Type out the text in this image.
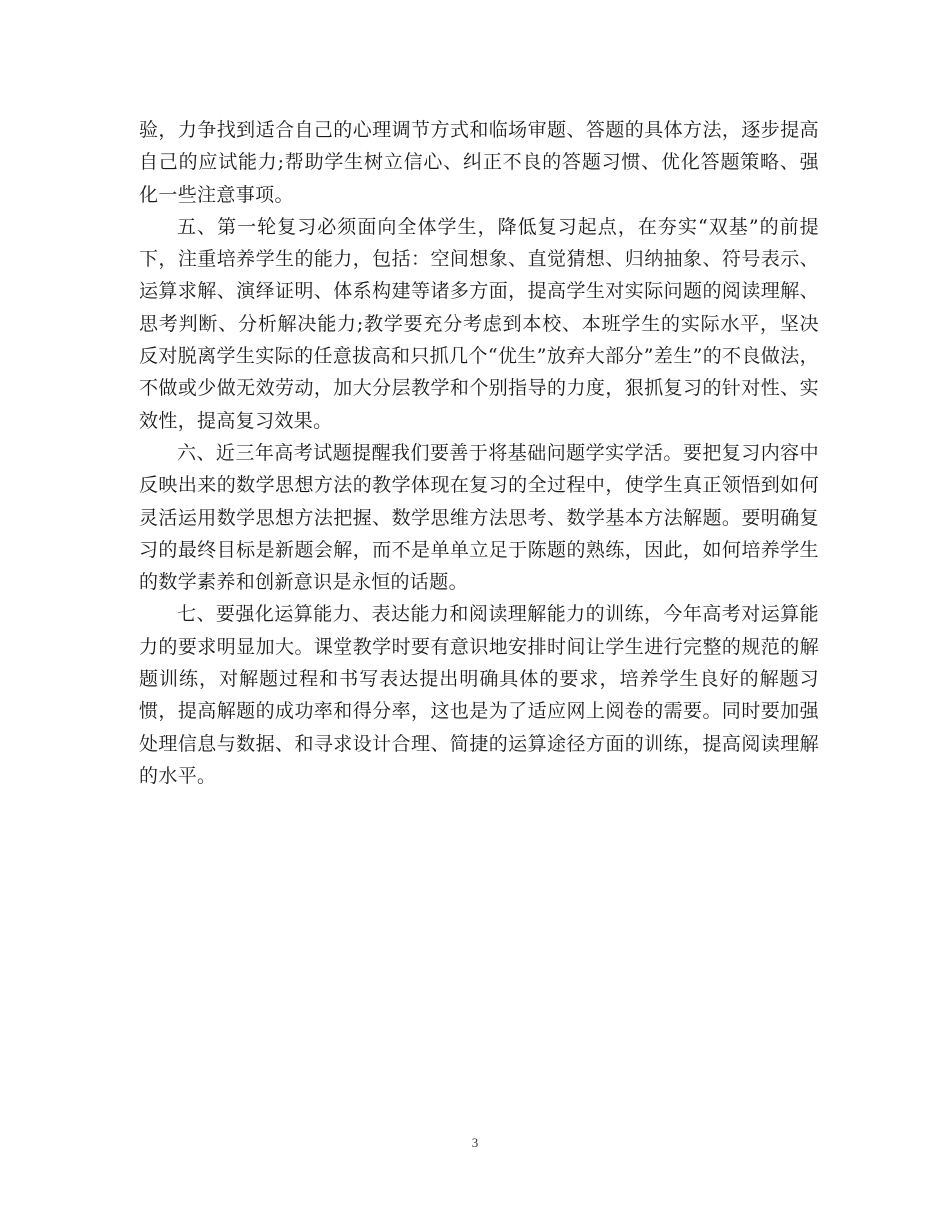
验，力争找到适合自己的心理调节方式和临场审题、答题的具体方法，逐步提高自己的应试能力;帮助学生树立信心、纠正不良的答题习惯、优化答题策略、强化一些注意事项。

五、第一轮复习必须面向全体学生，降低复习起点，在夯实“双基”的前提下，注重培养学生的能力，包括：空间想象、直觉猜想、归纳抽象、符号表示、运算求解、演绎证明、体系构建等诸多方面，提高学生对实际问题的阅读理解、思考判断、分析解决能力;教学要充分考虑到本校、本班学生的实际水平，坚决反对脱离学生实际的任意拔高和只抓几个“优生”放弃大部分”差生”的不良做法，不做或少做无效劳动，加大分层教学和个别指导的力度，狠抓复习的针对性、实效性，提高复习效果。

六、近三年高考试题提醒我们要善于将基础问题学实学活。要把复习内容中反映出来的数学思想方法的教学体现在复习的全过程中，使学生真正领悟到如何灵活运用数学思想方法把握、数学思维方法思考、数学基本方法解题。要明确复习的最终目标是新题会解，而不是单单立足于陈题的熟练，因此，如何培养学生的数学素养和创新意识是永恒的话题。

七、要强化运算能力、表达能力和阅读理解能力的训练，今年高考对运算能力的要求明显加大。课堂教学时要有意识地安排时间让学生进行完整的规范的解题训练，对解题过程和书写表达提出明确具体的要求，培养学生良好的解题习惯，提高解题的成功率和得分率，这也是为了适应网上阅卷的需要。同时要加强处理信息与数据、和寻求设计合理、简捷的运算途径方面的训练，提高阅读理解的水平。

3
